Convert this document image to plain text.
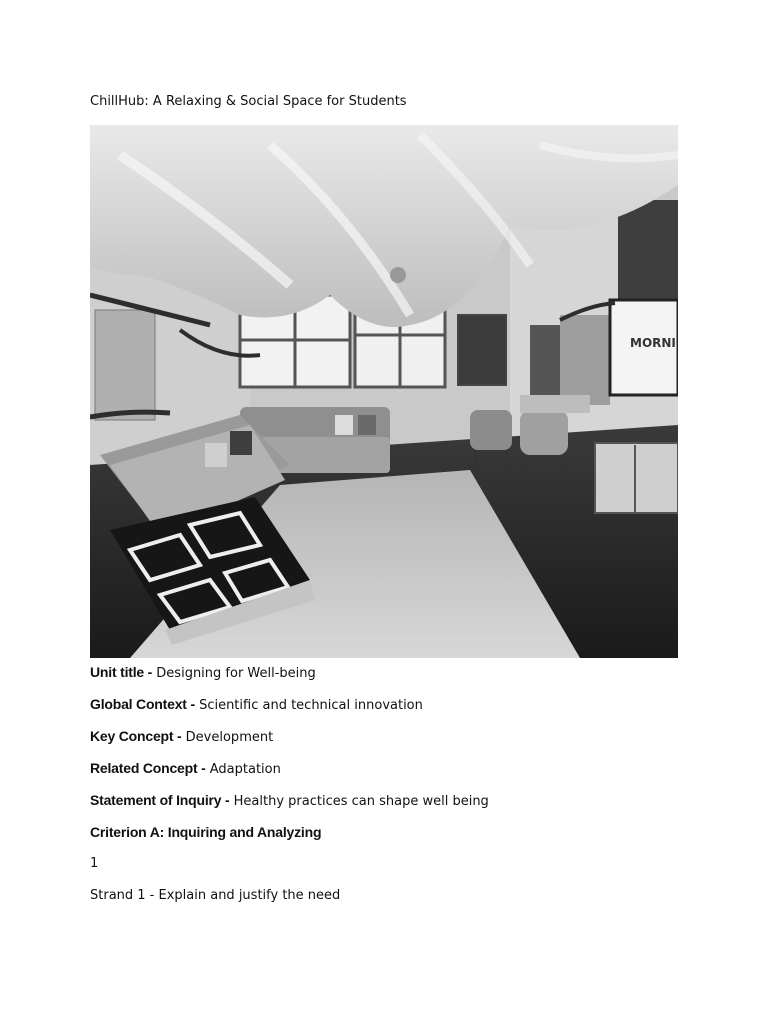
ChillHub: A Relaxing & Social Space for Students
MORNI
Unit title - Designing for Well-being
Global Context - Scientific and technical innovation
Key Concept - Development
Related Concept - Adaptation
Statement of Inquiry - Healthy practices can shape well being
Criterion A: Inquiring and Analyzing
1
Strand 1 - Explain and justify the need
